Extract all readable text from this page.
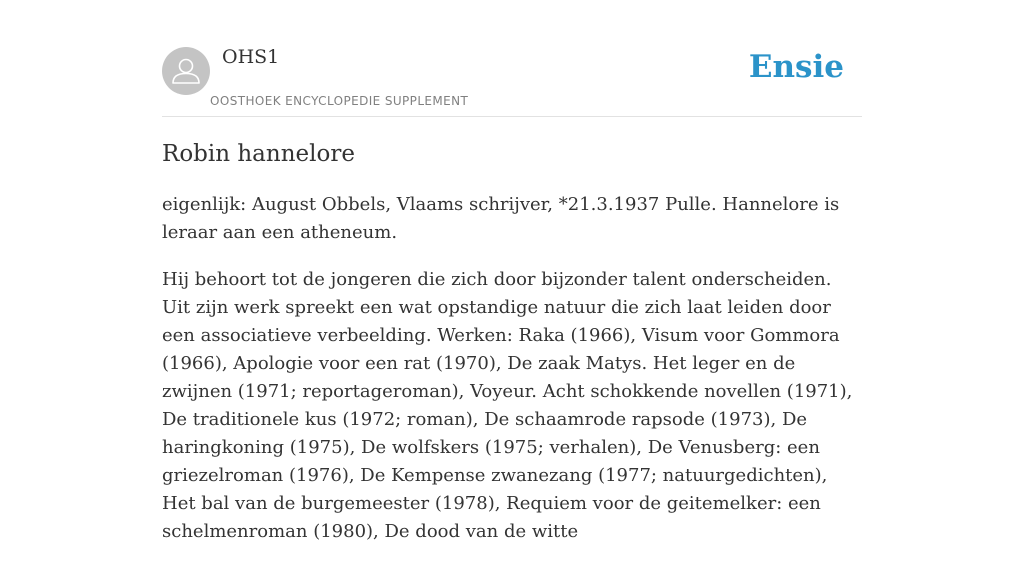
OHS1
OOSTHOEK ENCYCLOPEDIE SUPPLEMENT
Ensie
Robin hannelore

eigenlijk: August Obbels, Vlaams schrijver, *21.3.1937 Pulle. Hannelore is leraar aan een atheneum.

Hij behoort tot de jongeren die zich door bijzonder talent onderscheiden. Uit zijn werk spreekt een wat opstandige natuur die zich laat leiden door een associatieve verbeelding. Werken: Raka (1966), Visum voor Gommora (1966), Apologie voor een rat (1970), De zaak Matys. Het leger en de zwijnen (1971; reportageroman), Voyeur. Acht schokkende novellen (1971), De traditionele kus (1972; roman), De schaamrode rapsode (1973), De haringkoning (1975), De wolfskers (1975; verhalen), De Venusberg: een griezelroman (1976), De Kempense zwanezang (1977; natuurgedichten), Het bal van de burgemeester (1978), Requiem voor de geitemelker: een schelmenroman (1980), De dood van de witte
